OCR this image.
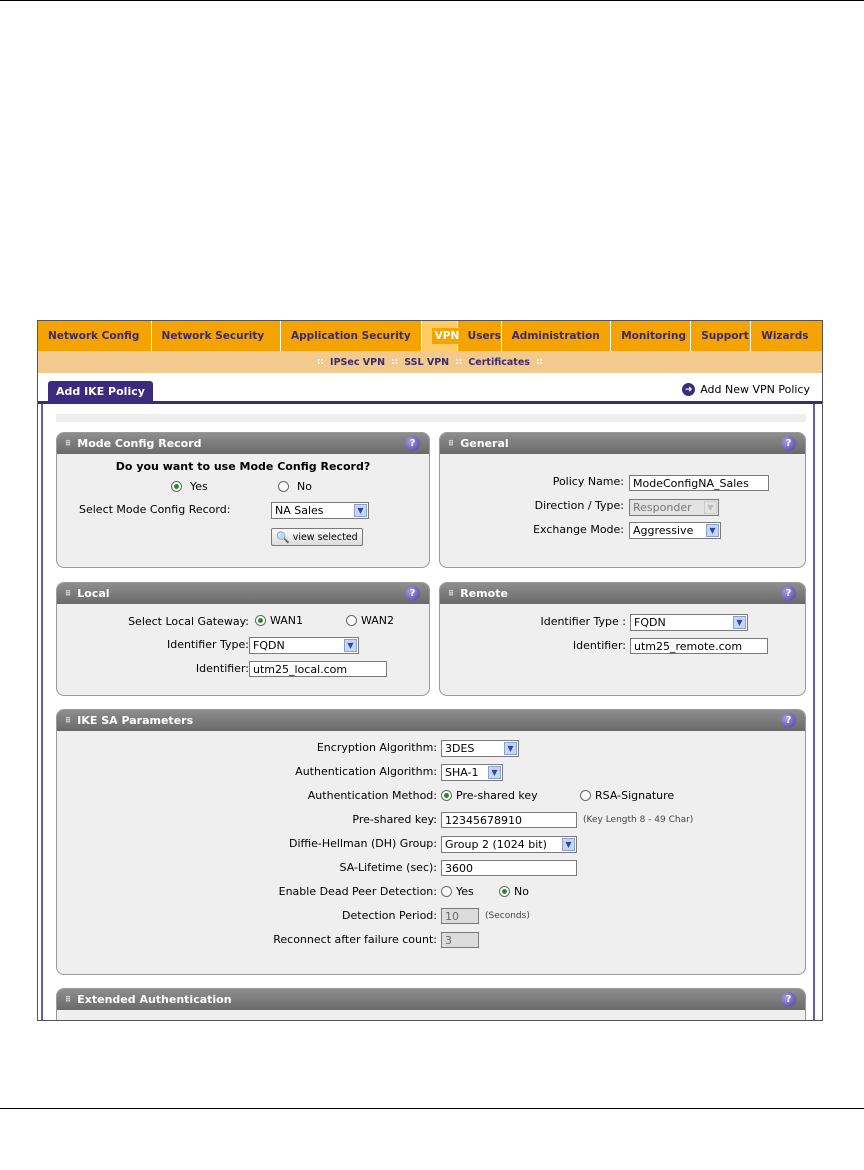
Network Config	Network Security	Application Security	VPN Users	Administration	Monitoring	Support	Wizards
:: IPSec VPN :: SSL VPN :: Certificates ::
Add IKE Policy	➜ Add New VPN Policy
⠿ Mode Config Record	?
Do you want to use Mode Config Record?
Yes	No
Select Mode Config Record:	NA Sales	▼
🔍 view selected
⠿ General	?
Policy Name: ModeConfigNA_Sales
Direction / Type: Responder	▼
Exchange Mode: Aggressive	▼
⠿ Local	?
Select Local Gateway: WAN1	WAN2
Identifier Type: FQDN	▼
Identifier: utm25_local.com
⠿ Remote	?
Identifier Type : FQDN	▼
Identifier: utm25_remote.com
⠿ IKE SA Parameters	?
Encryption Algorithm: 3DES	▼
Authentication Algorithm: SHA-1	▼
Authentication Method: Pre-shared key	RSA-Signature
Pre-shared key: 12345678910	(Key Length 8 - 49 Char)
Diffie-Hellman (DH) Group: Group 2 (1024 bit)	▼
SA-Lifetime (sec): 3600
Enable Dead Peer Detection: Yes	No
Detection Period: 10	(Seconds)
Reconnect after failure count: 3
⠿ Extended Authentication	?
